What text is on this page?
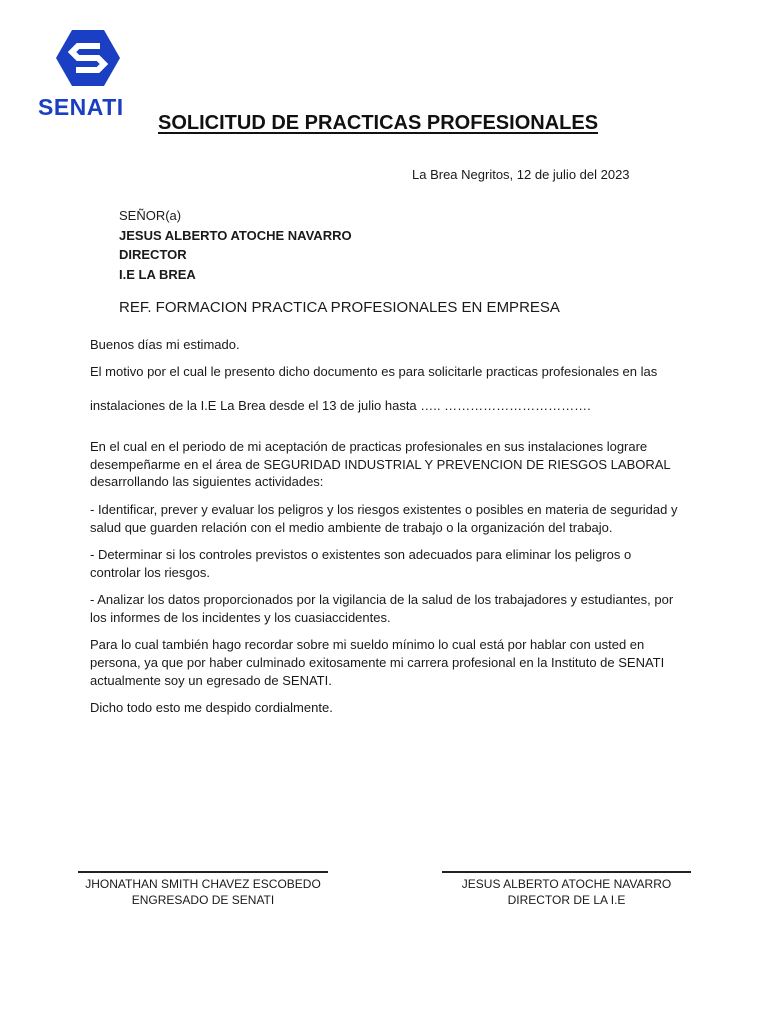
SENATI
SOLICITUD DE PRACTICAS PROFESIONALES
La Brea Negritos, 12 de julio del 2023
SEÑOR(a)
JESUS ALBERTO ATOCHE NAVARRO
DIRECTOR
I.E LA BREA
REF. FORMACION PRACTICA PROFESIONALES EN EMPRESA
Buenos días mi estimado.
El motivo por el cual le presento dicho documento es para solicitarle practicas profesionales en las
instalaciones de la I.E La Brea desde el 13 de julio hasta ….. …………………………….
En el cual en el periodo de mi aceptación de practicas profesionales en sus instalaciones lograre
desempeñarme en el área de SEGURIDAD INDUSTRIAL Y PREVENCION DE RIESGOS LABORAL
desarrollando las siguientes actividades:
- Identificar, prever y evaluar los peligros y los riesgos existentes o posibles en materia de seguridad y
salud que guarden relación con el medio ambiente de trabajo o la organización del trabajo.
- Determinar si los controles previstos o existentes son adecuados para eliminar los peligros o
controlar los riesgos.
- Analizar los datos proporcionados por la vigilancia de la salud de los trabajadores y estudiantes, por
los informes de los incidentes y los cuasiaccidentes.
Para lo cual también hago recordar sobre mi sueldo mínimo lo cual está por hablar con usted en
persona, ya que por haber culminado exitosamente mi carrera profesional en la Instituto de SENATI
actualmente soy un egresado de SENATI.
Dicho todo esto me despido cordialmente.
JHONATHAN SMITH CHAVEZ ESCOBEDO
ENGRESADO DE SENATI
JESUS ALBERTO ATOCHE NAVARRO
DIRECTOR DE LA I.E
